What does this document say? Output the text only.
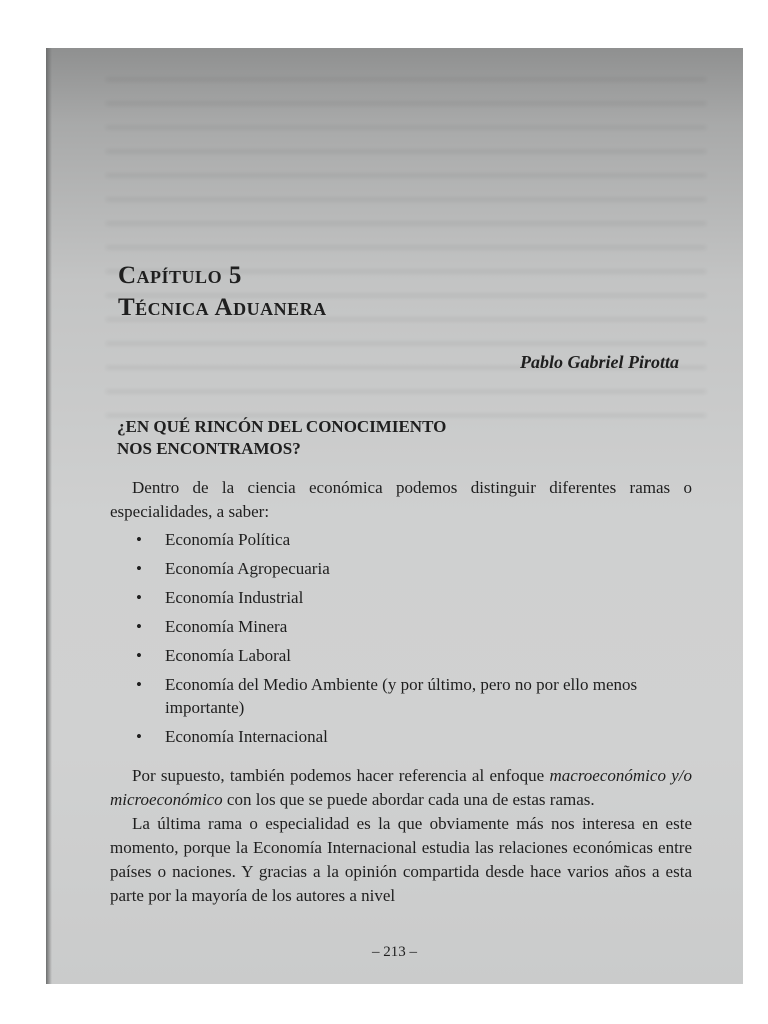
Capítulo 5
Técnica Aduanera
Pablo Gabriel Pirotta
¿EN QUÉ RINCÓN DEL CONOCIMIENTO
NOS ENCONTRAMOS?

Dentro de la ciencia económica podemos distinguir diferentes ramas o especialidades, a saber:

• Economía Política
• Economía Agropecuaria
• Economía Industrial
• Economía Minera
• Economía Laboral
• Economía del Medio Ambiente (y por último, pero no por ello menos importante)
• Economía Internacional

Por supuesto, también podemos hacer referencia al enfoque macroeconómico y/o microeconómico con los que se puede abordar cada una de estas ramas.

La última rama o especialidad es la que obviamente más nos interesa en este momento, porque la Economía Internacional estudia las relaciones económicas entre países o naciones. Y gracias a la opinión compartida desde hace varios años a esta parte por la mayoría de los autores a nivel

– 213 –
